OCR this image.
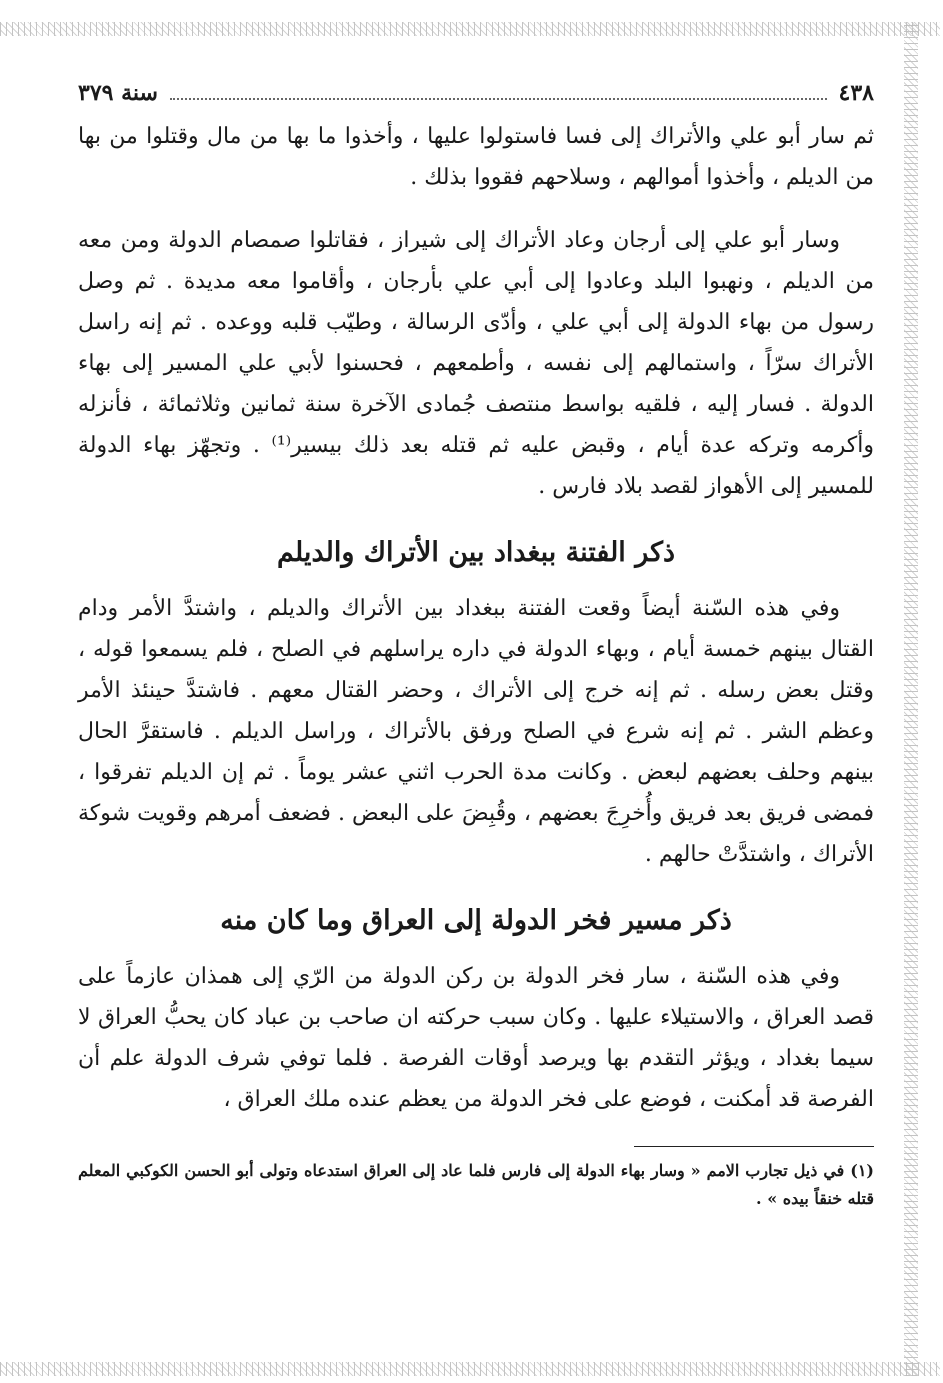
٤٣٨
سنة ٣٧٩

ثم سار أبو علي والأتراك إلى فسا فاستولوا عليها ، وأخذوا ما بها من مال وقتلوا من بها من الديلم ، وأخذوا أموالهم ، وسلاحهم فقووا بذلك .

وسار أبو علي إلى أرجان وعاد الأتراك إلى شيراز ، فقاتلوا صمصام الدولة ومن معه من الديلم ، ونهبوا البلد وعادوا إلى أبي علي بأرجان ، وأقاموا معه مديدة . ثم وصل رسول من بهاء الدولة إلى أبي علي ، وأدّى الرسالة ، وطيّب قلبه ووعده . ثم إنه راسل الأتراك سرّاً ، واستمالهم إلى نفسه ، وأطمعهم ، فحسنوا لأبي علي المسير إلى بهاء الدولة . فسار إليه ، فلقيه بواسط منتصف جُمادى الآخرة سنة ثمانين وثلاثمائة ، فأنزله وأكرمه وتركه عدة أيام ، وقبض عليه ثم قتله بعد ذلك بيسير⁽¹⁾ . وتجهّز بهاء الدولة للمسير إلى الأهواز لقصد بلاد فارس .

ذكر الفتنة ببغداد بين الأتراك والديلم

وفي هذه السّنة أيضاً وقعت الفتنة ببغداد بين الأتراك والديلم ، واشتدَّ الأمر ودام القتال بينهم خمسة أيام ، وبهاء الدولة في داره يراسلهم في الصلح ، فلم يسمعوا قوله ، وقتل بعض رسله . ثم إنه خرج إلى الأتراك ، وحضر القتال معهم . فاشتدَّ حينئذ الأمر وعظم الشر . ثم إنه شرع في الصلح ورفق بالأتراك ، وراسل الديلم . فاستقرَّ الحال بينهم وحلف بعضهم لبعض . وكانت مدة الحرب اثني عشر يوماً . ثم إن الديلم تفرقوا ، فمضى فريق بعد فريق وأُخرِجَ بعضهم ، وقُبِضَ على البعض . فضعف أمرهم وقويت شوكة الأتراك ، واشتدَّتْ حالهم .

ذكر مسير فخر الدولة إلى العراق وما كان منه

وفي هذه السّنة ، سار فخر الدولة بن ركن الدولة من الرّي إلى همذان عازماً على قصد العراق ، والاستيلاء عليها . وكان سبب حركته ان صاحب بن عباد كان يحبُّ العراق لا سيما بغداد ، ويؤثر التقدم بها ويرصد أوقات الفرصة . فلما توفي شرف الدولة علم أن الفرصة قد أمكنت ، فوضع على فخر الدولة من يعظم عنده ملك العراق ،

(١) في ذيل تجارب الامم « وسار بهاء الدولة إلى فارس فلما عاد إلى العراق استدعاه وتولى أبو الحسن الكوكبي المعلم قتله خنقاً بيده » .
